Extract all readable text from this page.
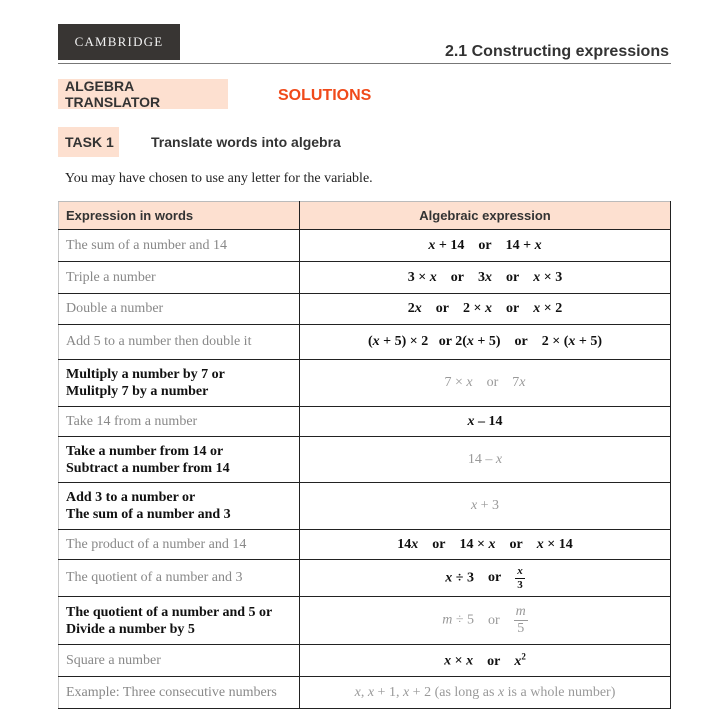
CAMBRIDGE
2.1 Constructing expressions
ALGEBRA TRANSLATOR	SOLUTIONS
TASK 1	Translate words into algebra
You may have chosen to use any letter for the variable.
Expression in words	Algebraic expression

The sum of a number and 14	x + 14 or 14 + x

Triple a number	3 × x or 3x or x × 3

Double a number	2x or 2 × x or x × 2

Add 5 to a number then double it	(x + 5) × 2 or 2(x + 5) or 2 × (x + 5)

Multiply a number by 7 or
Mulitply 7 by a number	7 × x or 7x

Take 14 from a number	x – 14

Take a number from 14 or
Subtract a number from 14	14 – x

Add 3 to a number or
The sum of a number and 3	x + 3

The product of a number and 14	14x or 14 × x or x × 14

The quotient of a number and 3	x ÷ 3 or $\frac{x}{3}$

The quotient of a number and 5 or
Divide a number by 5
	m ÷ 5 or $\frac{m}{5}$

Square a number	x × x or $x^2$

Example: Three consecutive numbers	x, x + 1, x + 2 (as long as x is a whole number)
